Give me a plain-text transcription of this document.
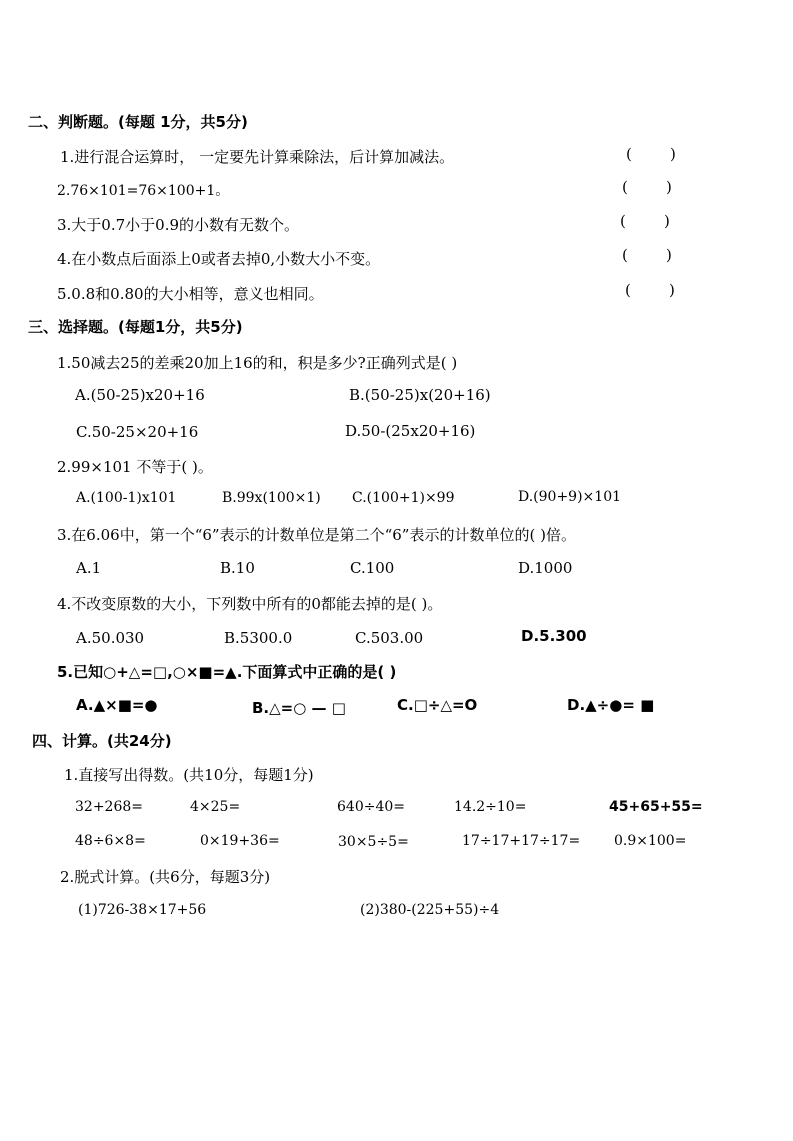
二、判断题。(每题 1分，共5分)
1.进行混合运算时， 一定要先计算乘除法，后计算加减法。	(        )
2.76×101=76×100+1。	(        )
3.大于0.7小于0.9的小数有无数个。	(        )
4.在小数点后面添上0或者去掉0,小数大小不变。	(        )
5.0.8和0.80的大小相等，意义也相同。	(        )
三、选择题。(每题1分，共5分)
1.50减去25的差乘20加上16的和，积是多少?正确列式是( )
A.(50-25)x20+16	B.(50-25)x(20+16)
C.50-25×20+16	D.50-(25x20+16)
2.99×101 不等于( )。
A.(100-1)x101	B.99x(100×1) C.(100+1)×99	D.(90+9)×101
3.在6.06中，第一个“6”表示的计数单位是第二个“6”表示的计数单位的( )倍。
A.1	B.10	C.100	D.1000
4.不改变原数的大小，下列数中所有的0都能去掉的是( )。
A.50.030	B.5300.0	C.503.00	D.5.300
5.已知○+△=□,○×■=▲.下面算式中正确的是( )
A.▲×■=●	B.△=○ — □	C.□÷△=O	D.▲÷●= ■
四、计算。(共24分)
1.直接写出得数。(共10分，每题1分)
32+268=	4×25=	640÷40=	14.2÷10=	45+65+55=
48÷6×8=	0×19+36=	30×5÷5=	17÷17+17÷17= 0.9×100=
2.脱式计算。(共6分，每题3分)
(1)726-38×17+56	(2)380-(225+55)÷4
